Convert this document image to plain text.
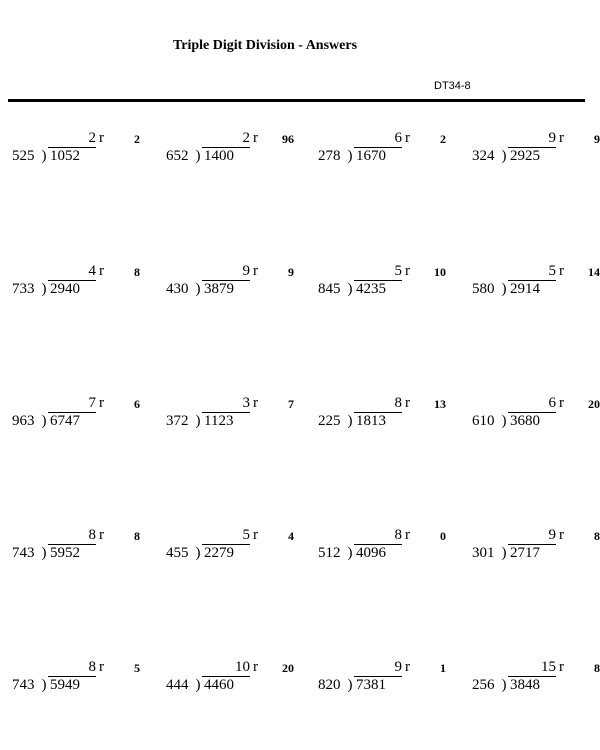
Triple Digit Division - Answers
DT34-8
2 r	2
525 ) 1052
2 r	96
652 ) 1400
6 r	2
278 ) 1670
9 r	9
324 ) 2925
4 r	8
733 ) 2940
9 r	9
430 ) 3879
5 r	10
845 ) 4235
5 r	14
580 ) 2914
7 r	6
963 ) 6747
3 r	7
372 ) 1123
8 r	13
225 ) 1813
6 r	20
610 ) 3680
8 r	8
743 ) 5952
5 r	4
455 ) 2279
8 r	0
512 ) 4096
9 r	8
301 ) 2717
8 r	5
743 ) 5949
10 r	20
444 ) 4460
9 r	1
820 ) 7381
15 r	8
256 ) 3848
